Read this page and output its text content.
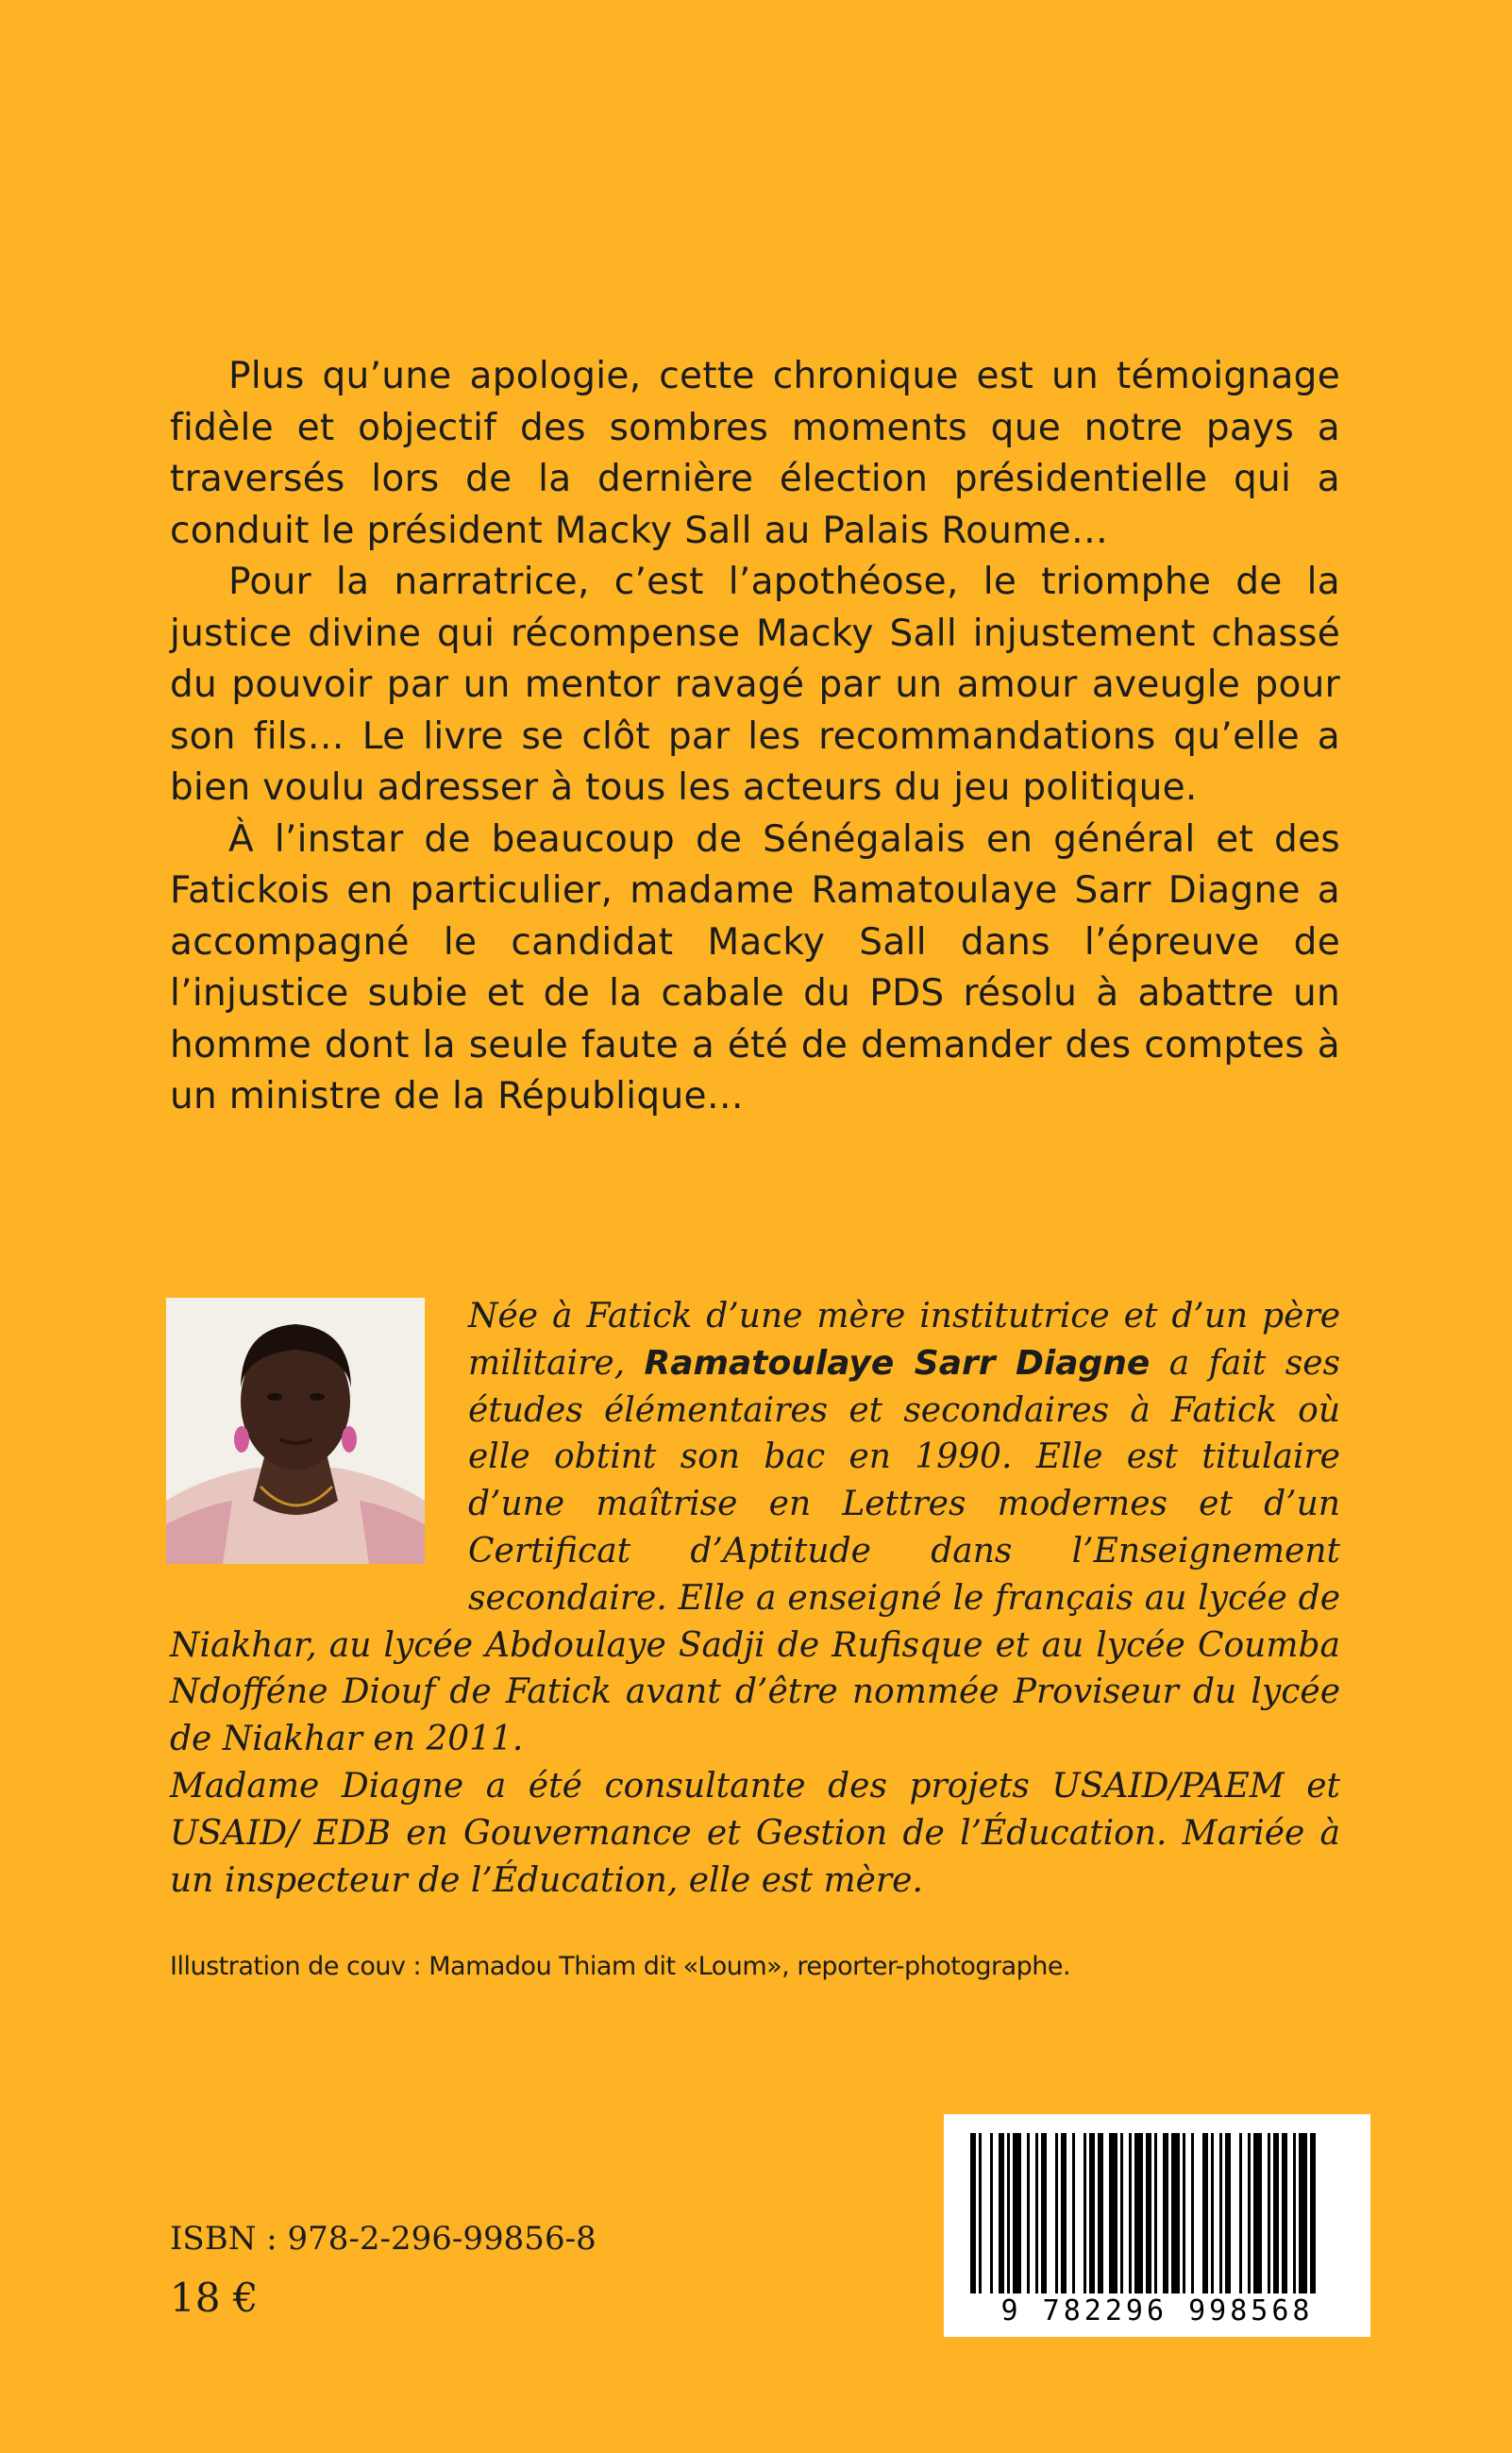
Plus qu’une apologie, cette chronique est un témoignage fidèle et objectif des sombres moments que notre pays a traversés lors de la dernière élection présidentielle qui a conduit le président Macky Sall au Palais Roume…

Pour la narratrice, c’est l’apothéose, le triomphe de la justice divine qui récompense Macky Sall injustement chassé du pouvoir par un mentor ravagé par un amour aveugle pour son fils… Le livre se clôt par les recommandations qu’elle a bien voulu adresser à tous les acteurs du jeu politique.

À l’instar de beaucoup de Sénégalais en général et des Fatickois en particulier, madame Ramatoulaye Sarr Diagne a accompagné le candidat Macky Sall dans l’épreuve de l’injustice subie et de la cabale du PDS résolu à abattre un homme dont la seule faute a été de demander des comptes à un ministre de la République…

Née à Fatick d’une mère institutrice et d’un père militaire, Ramatoulaye Sarr Diagne a fait ses études élémentaires et secondaires à Fatick où elle obtint son bac en 1990. Elle est titulaire d’une maîtrise en Lettres modernes et d’un Certificat d’Aptitude dans l’Enseignement secondaire. Elle a enseigné le français au lycée de Niakhar, au lycée Abdoulaye Sadji de Rufisque et au lycée Coumba Ndofféne Diouf de Fatick avant d’être nommée Proviseur du lycée de Niakhar en 2011.

Madame Diagne a été consultante des projets USAID/PAEM et USAID/ EDB en Gouvernance et Gestion de l’Éducation. Mariée à un inspecteur de l’Éducation, elle est mère.

Illustration de couv : Mamadou Thiam dit «Loum», reporter-photographe.
ISBN : 978-2-296-99856-8
18 €	9 782296 998568
